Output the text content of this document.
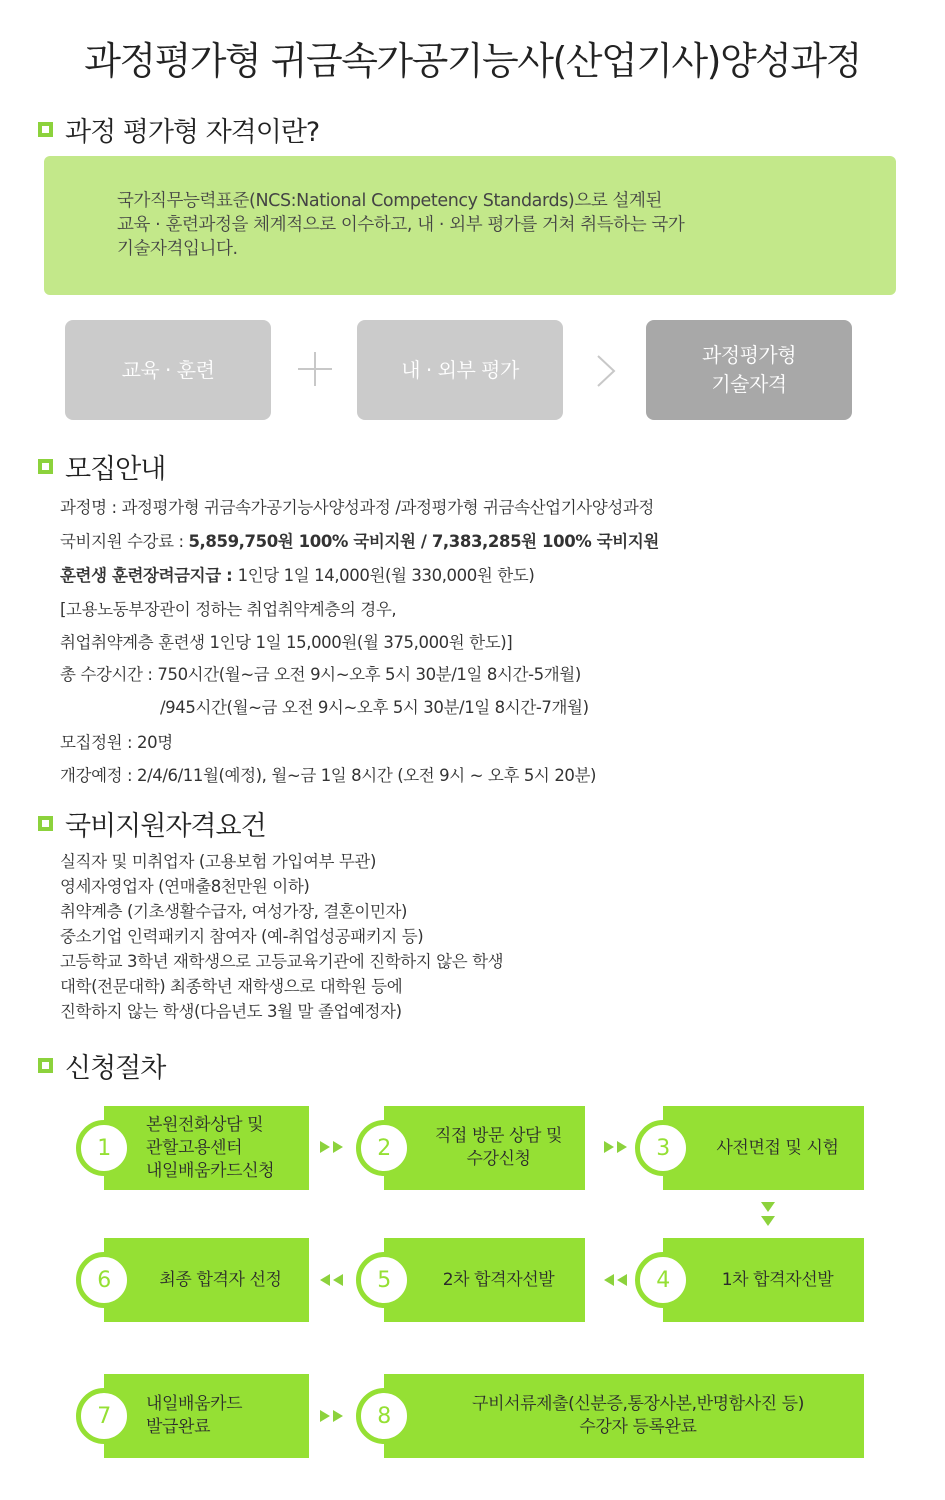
과정평가형 귀금속가공기능사(산업기사)양성과정
과정 평가형 자격이란?

국가직무능력표준(NCS:National Competency Standards)으로 설계된

교육 · 훈련과정을 체계적으로 이수하고, 내 · 외부 평가를 거쳐 취득하는 국가

기술자격입니다.

교육 · 훈련	내 · 외부 평가
과정평가형
기술자격
모집안내
과정명 : 과정평가형 귀금속가공기능사양성과정 /과정평가형 귀금속산업기사양성과정
국비지원 수강료 : 5,859,750원 100% 국비지원 / 7,383,285원 100% 국비지원
훈련생 훈련장려금지급 : 1인당 1일 14,000원(월 330,000원 한도)
[고용노동부장관이 정하는 취업취약계층의 경우,
취업취약계층 훈련생 1인당 1일 15,000원(월 375,000원 한도)]
총 수강시간 : 750시간(월~금 오전 9시~오후 5시 30분/1일 8시간-5개월)
/945시간(월~금 오전 9시~오후 5시 30분/1일 8시간-7개월)
모집정원 : 20명
개강예정 : 2/4/6/11월(예정), 월~금 1일 8시간 (오전 9시 ~ 오후 5시 20분)
국비지원자격요건
실직자 및 미취업자 (고용보험 가입여부 무관)
영세자영업자 (연매출8천만원 이하)
취약계층 (기초생활수급자, 여성가장, 결혼이민자)
중소기업 인력패키지 참여자 (예-취업성공패키지 등)
고등학교 3학년 재학생으로 고등교육기관에 진학하지 않은 학생
대학(전문대학) 최종학년 재학생으로 대학원 등에
진학하지 않는 학생(다음년도 3월 말 졸업예정자)
신청절차
1
본원전화상담 및
관할고용센터
내일배움카드신청
2	직접 방문 상담 및
수강신청	3	사전면접 및 시험
6	최종 합격자 선정	5	2차 합격자선발	4	1차 합격자선발
7	내일배움카드
발급완료	8	구비서류제출(신분증,통장사본,반명함사진 등)
수강자 등록완료
